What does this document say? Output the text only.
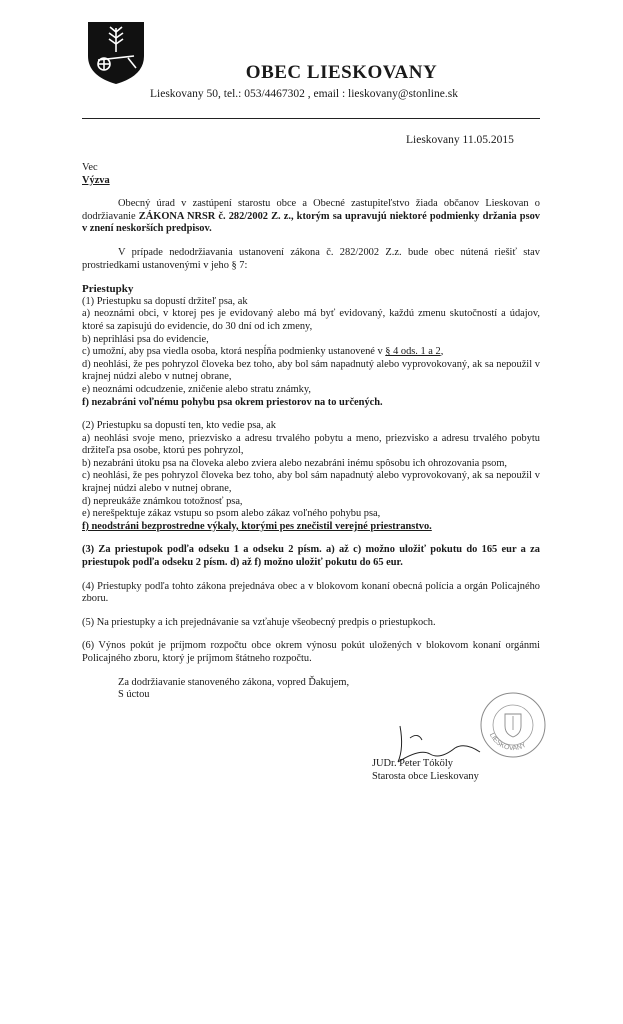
OBEC LIESKOVANY
Lieskovany 50, tel.: 053/4467302 , email : lieskovany@stonline.sk
Lieskovany 11.05.2015

Vec

Výzva

Obecný úrad v zastúpení starostu obce a Obecné zastupiteľstvo žiada občanov Lieskovan o dodržiavanie ZÁKONA NRSR č. 282/2002 Z. z., ktorým sa upravujú niektoré podmienky držania psov v znení neskorších predpisov.

V prípade nedodržiavania ustanovení zákona č. 282/2002 Z.z. bude obec nútená riešiť stav prostriedkami ustanovenými v jeho § 7:

Priestupky

(1) Priestupku sa dopustí držiteľ psa, ak

a) neoznámi obci, v ktorej pes je evidovaný alebo má byť evidovaný, každú zmenu skutočností a údajov, ktoré sa zapisujú do evidencie, do 30 dní od ich zmeny,

b) neprihlási psa do evidencie,

c) umožní, aby psa viedla osoba, ktorá nespĺňa podmienky ustanovené v § 4 ods. 1 a 2,

d) neohlási, že pes pohryzol človeka bez toho, aby bol sám napadnutý alebo vyprovokovaný, ak sa nepoužil v krajnej núdzi alebo v nutnej obrane,

e) neoznámi odcudzenie, zničenie alebo stratu známky,

f) nezabráni voľnému pohybu psa okrem priestorov na to určených.

(2) Priestupku sa dopustí ten, kto vedie psa, ak

a) neohlási svoje meno, priezvisko a adresu trvalého pobytu a meno, priezvisko a adresu trvalého pobytu držiteľa psa osobe, ktorú pes pohryzol,

b) nezabráni útoku psa na človeka alebo zviera alebo nezabráni inému spôsobu ich ohrozovania psom,

c) neohlási, že pes pohryzol človeka bez toho, aby bol sám napadnutý alebo vyprovokovaný, ak sa nepoužil v krajnej núdzi alebo v nutnej obrane,

d) nepreukáže známkou totožnosť psa,

e) nerešpektuje zákaz vstupu so psom alebo zákaz voľného pohybu psa,

f) neodstráni bezprostredne výkaly, ktorými pes znečistil verejné priestranstvo.

(3) Za priestupok podľa odseku 1 a odseku 2 písm. a) až c) možno uložiť pokutu do 165 eur a za priestupok podľa odseku 2 písm. d) až f) možno uložiť pokutu do 65 eur.

(4) Priestupky podľa tohto zákona prejednáva obec a v blokovom konaní obecná polícia a orgán Policajného zboru.

(5) Na priestupky a ich prejednávanie sa vzťahuje všeobecný predpis o priestupkoch.

(6) Výnos pokút je príjmom rozpočtu obce okrem výnosu pokút uložených v blokovom konaní orgánmi Policajného zboru, ktorý je príjmom štátneho rozpočtu.

Za dodržiavanie stanoveného zákona, vopred Ďakujem,

S úctou

LIESKOVANY
JUDr. Peter Tóköly
Starosta obce Lieskovany
